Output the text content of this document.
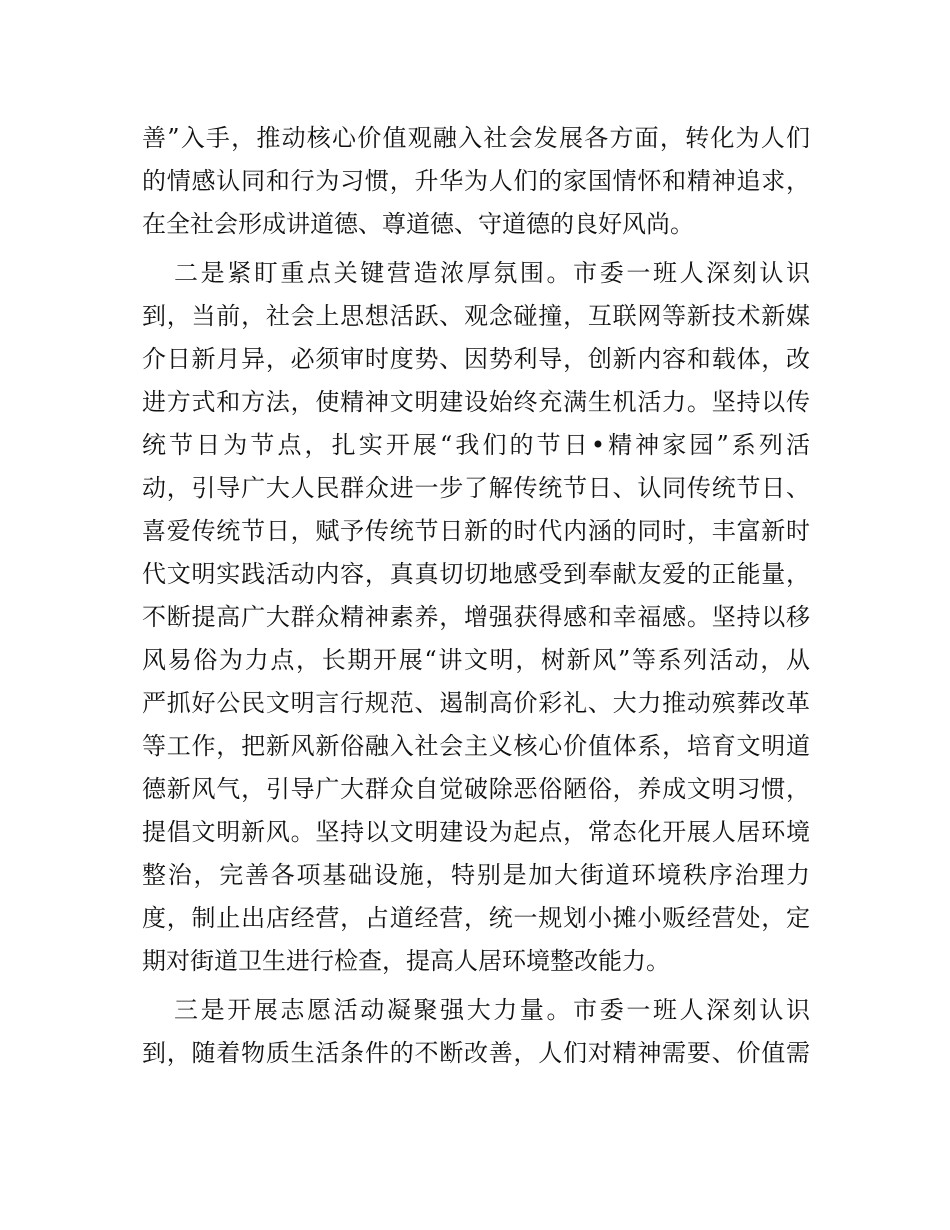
善”入手，推动核心价值观融入社会发展各方面，转化为人们
的情感认同和行为习惯，升华为人们的家国情怀和精神追求，
在全社会形成讲道德、尊道德、守道德的良好风尚。
二是紧盯重点关键营造浓厚氛围。市委一班人深刻认识
到，当前，社会上思想活跃、观念碰撞，互联网等新技术新媒
介日新月异，必须审时度势、因势利导，创新内容和载体，改
进方式和方法，使精神文明建设始终充满生机活力。坚持以传
统节日为节点，扎实开展“我们的节日•精神家园”系列活
动，引导广大人民群众进一步了解传统节日、认同传统节日、
喜爱传统节日，赋予传统节日新的时代内涵的同时，丰富新时
代文明实践活动内容，真真切切地感受到奉献友爱的正能量，
不断提高广大群众精神素养，增强获得感和幸福感。坚持以移
风易俗为力点，长期开展“讲文明，树新风”等系列活动，从
严抓好公民文明言行规范、遏制高价彩礼、大力推动殡葬改革
等工作，把新风新俗融入社会主义核心价值体系，培育文明道
德新风气，引导广大群众自觉破除恶俗陋俗，养成文明习惯，
提倡文明新风。坚持以文明建设为起点，常态化开展人居环境
整治，完善各项基础设施，特别是加大街道环境秩序治理力
度，制止出店经营，占道经营，统一规划小摊小贩经营处，定
期对街道卫生进行检查，提高人居环境整改能力。
三是开展志愿活动凝聚强大力量。市委一班人深刻认识
到，随着物质生活条件的不断改善，人们对精神需要、价值需
